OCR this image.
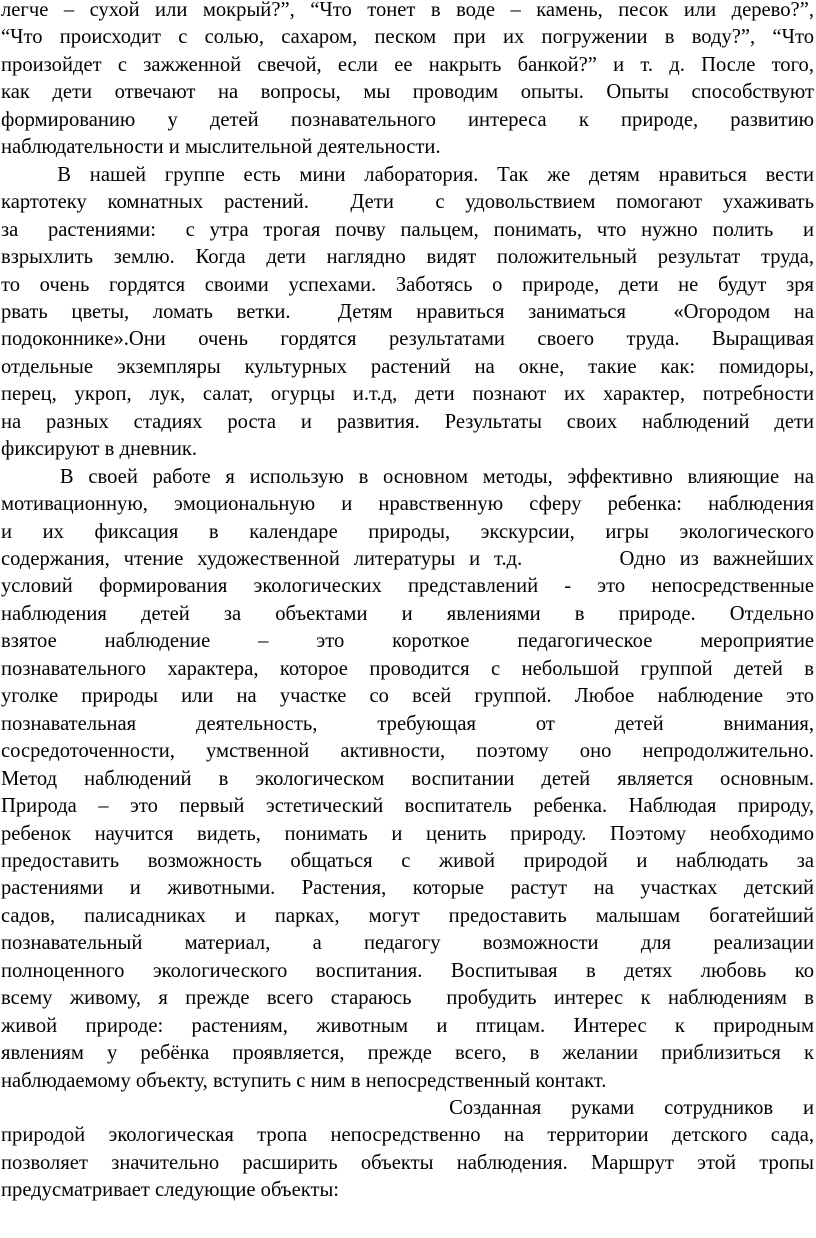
легче – сухой или мокрый?”, “Что тонет в воде – камень, песок или дерево?”,
“Что происходит с солью, сахаром, песком при их погружении в воду?”, “Что
произойдет с зажженной свечой, если ее накрыть банкой?” и т. д. После того,
как дети отвечают на вопросы, мы проводим опыты. Опыты способствуют
формированию у детей познавательного интереса к природе, развитию
наблюдательности и мыслительной деятельности.
В нашей группе есть мини лаборатория. Так же детям нравиться вести
картотеку комнатных растений.  Дети  с удовольствием помогают ухаживать
за  растениями:  с утра трогая почву пальцем, понимать, что нужно полить  и
взрыхлить землю. Когда дети наглядно видят положительный результат труда,
то очень гордятся своими успехами. Заботясь о природе, дети не будут зря
рвать цветы, ломать ветки.  Детям нравиться заниматься  «Огородом на
подоконнике».Они очень гордятся результатами своего труда. Выращивая
отдельные экземпляры культурных растений на окне, такие как: помидоры,
перец, укроп, лук, салат, огурцы и.т.д, дети познают их характер, потребности
на разных стадиях роста и развития. Результаты своих наблюдений дети
фиксируют в дневник.
В своей работе я использую в основном методы, эффективно влияющие на
мотивационную, эмоциональную и нравственную сферу ребенка: наблюдения
и их фиксация в календаре природы, экскурсии, игры экологического
содержания, чтение художественной литературы и т.д.       Одно из важнейших
условий формирования экологических представлений - это непосредственные
наблюдения детей за объектами и явлениями в природе. Отдельно
взятое наблюдение – это короткое педагогическое мероприятие
познавательного характера, которое проводится с небольшой группой детей в
уголке природы или на участке со всей группой. Любое наблюдение это
познавательная деятельность, требующая от детей внимания,
сосредоточенности, умственной активности, поэтому оно непродолжительно.
Метод наблюдений в экологическом воспитании детей является основным.
Природа – это первый эстетический воспитатель ребенка. Наблюдая природу,
ребенок научится видеть, понимать и ценить природу. Поэтому необходимо
предоставить возможность общаться с живой природой и наблюдать за
растениями и животными. Растения, которые растут на участках детский
садов, палисадниках и парках, могут предоставить малышам богатейший
познавательный материал, а педагогу возможности для реализации
полноценного экологического воспитания. Воспитывая в детях любовь ко
всему живому, я прежде всего стараюсь  пробудить интерес к наблюдениям в
живой природе: растениям, животным и птицам. Интерес к природным
явлениям у ребёнка проявляется, прежде всего, в желании приблизиться к
наблюдаемому объекту, вступить с ним в непосредственный контакт.
Созданная руками сотрудников и
природой экологическая тропа непосредственно на территории детского сада,
позволяет значительно расширить объекты наблюдения. Маршрут этой тропы
предусматривает следующие объекты:
